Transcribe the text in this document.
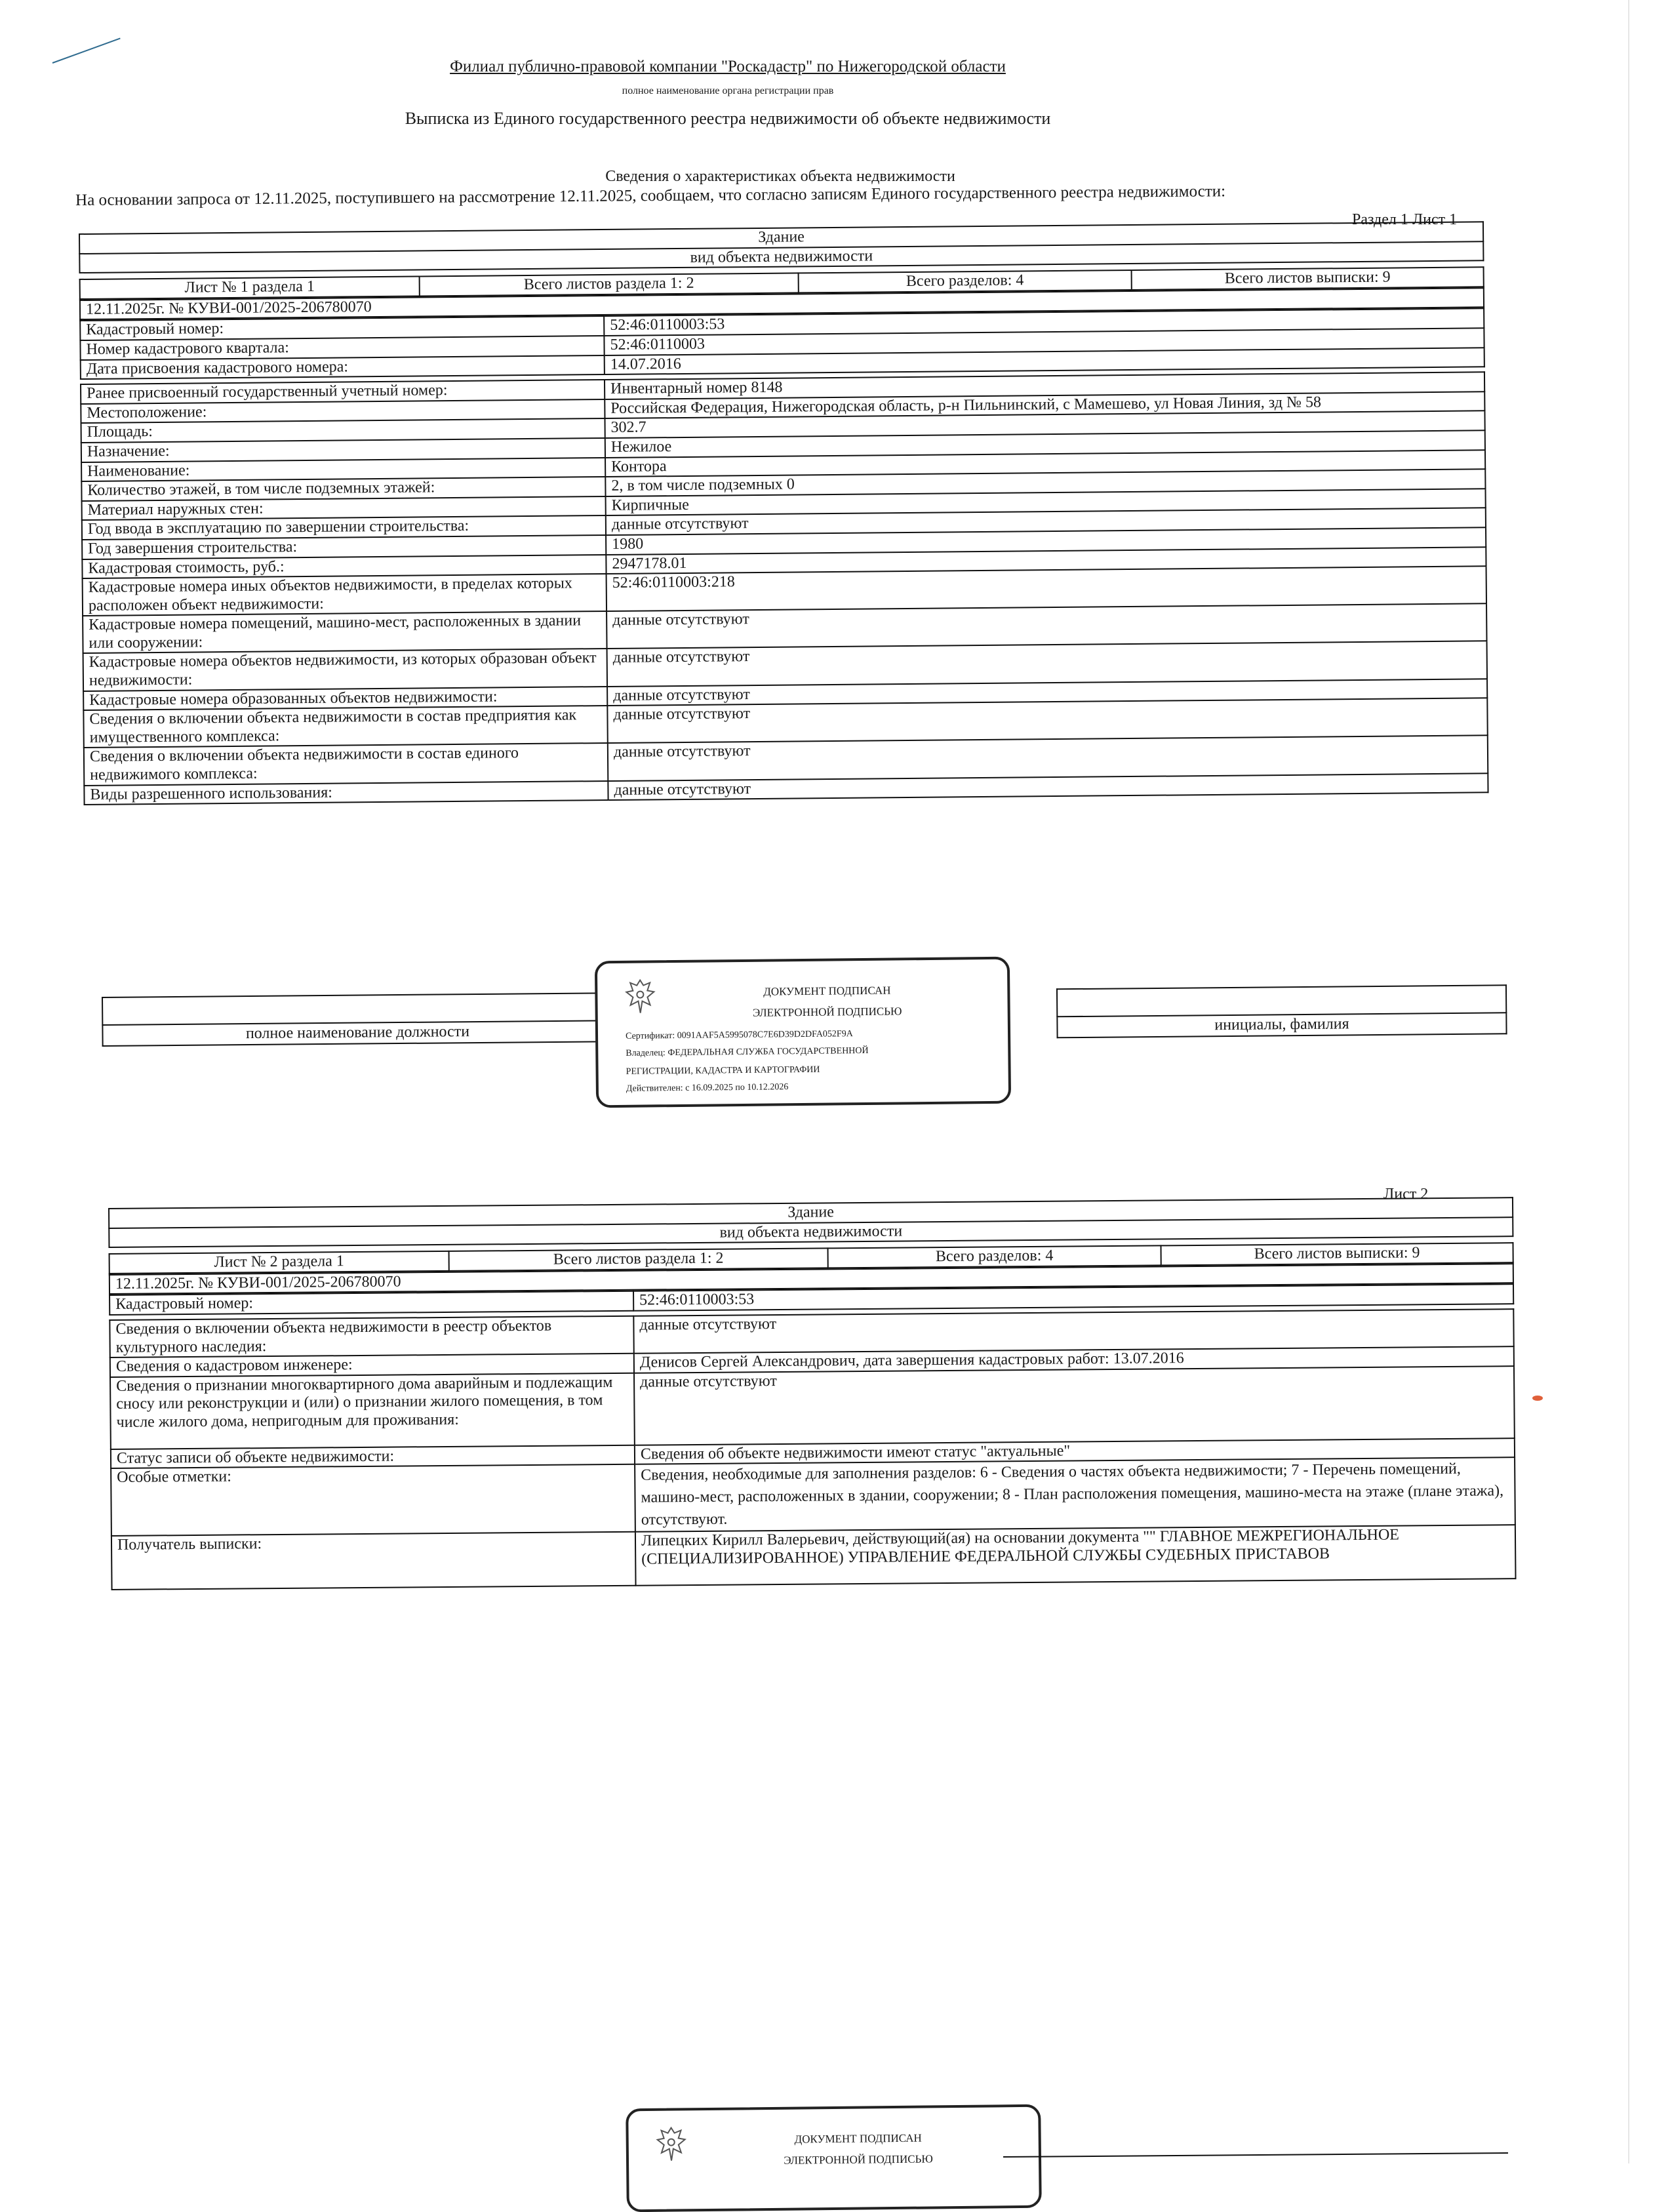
Филиал публично-правовой компании "Роскадастр" по Нижегородской области
полное наименование органа регистрации прав
Выписка из Единого государственного реестра недвижимости об объекте недвижимости
Сведения о характеристиках объекта недвижимости
На основании запроса от 12.11.2025, поступившего на рассмотрение 12.11.2025, сообщаем, что согласно записям Единого государственного реестра недвижимости:
Раздел 1 Лист 1
Здание
вид объекта недвижимости
Лист № 1 раздела 1	Всего листов раздела 1: 2	Всего разделов: 4	Всего листов выписки: 9
12.11.2025г. № КУВИ-001/2025-206780070
Кадастровый номер:	52:46:0110003:53
Номер кадастрового квартала:	52:46:0110003
Дата присвоения кадастрового номера:	14.07.2016
Ранее присвоенный государственный учетный номер:	Инвентарный номер 8148
Местоположение:	Российская Федерация, Нижегородская область, р-н Пильнинский, с Мамешево, ул Новая Линия, зд № 58
Площадь:	302.7
Назначение:	Нежилое
Наименование:	Контора
Количество этажей, в том числе подземных этажей:	2, в том числе подземных 0
Материал наружных стен:	Кирпичные
Год ввода в эксплуатацию по завершении строительства:	данные отсутствуют
Год завершения строительства:	1980
Кадастровая стоимость, руб.:	2947178.01
Кадастровые номера иных объектов недвижимости, в пределах которых расположен объект недвижимости:	52:46:0110003:218
Кадастровые номера помещений, машино-мест, расположенных в здании или сооружении:	данные отсутствуют
Кадастровые номера объектов недвижимости, из которых образован объект недвижимости:	данные отсутствуют
Кадастровые номера образованных объектов недвижимости:	данные отсутствуют
Сведения о включении объекта недвижимости в состав предприятия как имущественного комплекса:	данные отсутствуют
Сведения о включении объекта недвижимости в состав единого недвижимого комплекса:	данные отсутствуют
Виды разрешенного использования:	данные отсутствуют

полное наименование должности		инициалы, фамилия
ДОКУМЕНТ ПОДПИСАН
ЭЛЕКТРОННОЙ ПОДПИСЬЮ
Сертификат: 0091AAF5A5995078C7E6D39D2DFA052F9A
Владелец: ФЕДЕРАЛЬНАЯ СЛУЖБА ГОСУДАРСТВЕННОЙ
РЕГИСТРАЦИИ, КАДАСТРА И КАРТОГРАФИИ
Действителен: с 16.09.2025 по 10.12.2026
Лист 2
Здание
вид объекта недвижимости
Лист № 2 раздела 1	Всего листов раздела 1: 2	Всего разделов: 4	Всего листов выписки: 9
12.11.2025г. № КУВИ-001/2025-206780070
Кадастровый номер:	52:46:0110003:53
Сведения о включении объекта недвижимости в реестр объектов культурного наследия:	данные отсутствуют
Сведения о кадастровом инженере:	Денисов Сергей Александрович, дата завершения кадастровых работ: 13.07.2016
Сведения о признании многоквартирного дома аварийным и подлежащим сносу или реконструкции и (или) о признании жилого помещения, в том числе жилого дома, непригодным для проживания:	данные отсутствуют
Статус записи об объекте недвижимости:	Сведения об объекте недвижимости имеют статус "актуальные"
Особые отметки:	Сведения, необходимые для заполнения разделов: 6 - Сведения о частях объекта недвижимости; 7 - Перечень помещений, машино-мест, расположенных в здании, сооружении; 8 - План расположения помещения, машино-места на этаже (плане этажа), отсутствуют.
Получатель выписки:	Липецких Кирилл Валерьевич, действующий(ая) на основании документа "" ГЛАВНОЕ МЕЖРЕГИОНАЛЬНОЕ (СПЕЦИАЛИЗИРОВАННОЕ) УПРАВЛЕНИЕ ФЕДЕРАЛЬНОЙ СЛУЖБЫ СУДЕБНЫХ ПРИСТАВОВ
ДОКУМЕНТ ПОДПИСАН
ЭЛЕКТРОННОЙ ПОДПИСЬЮ
